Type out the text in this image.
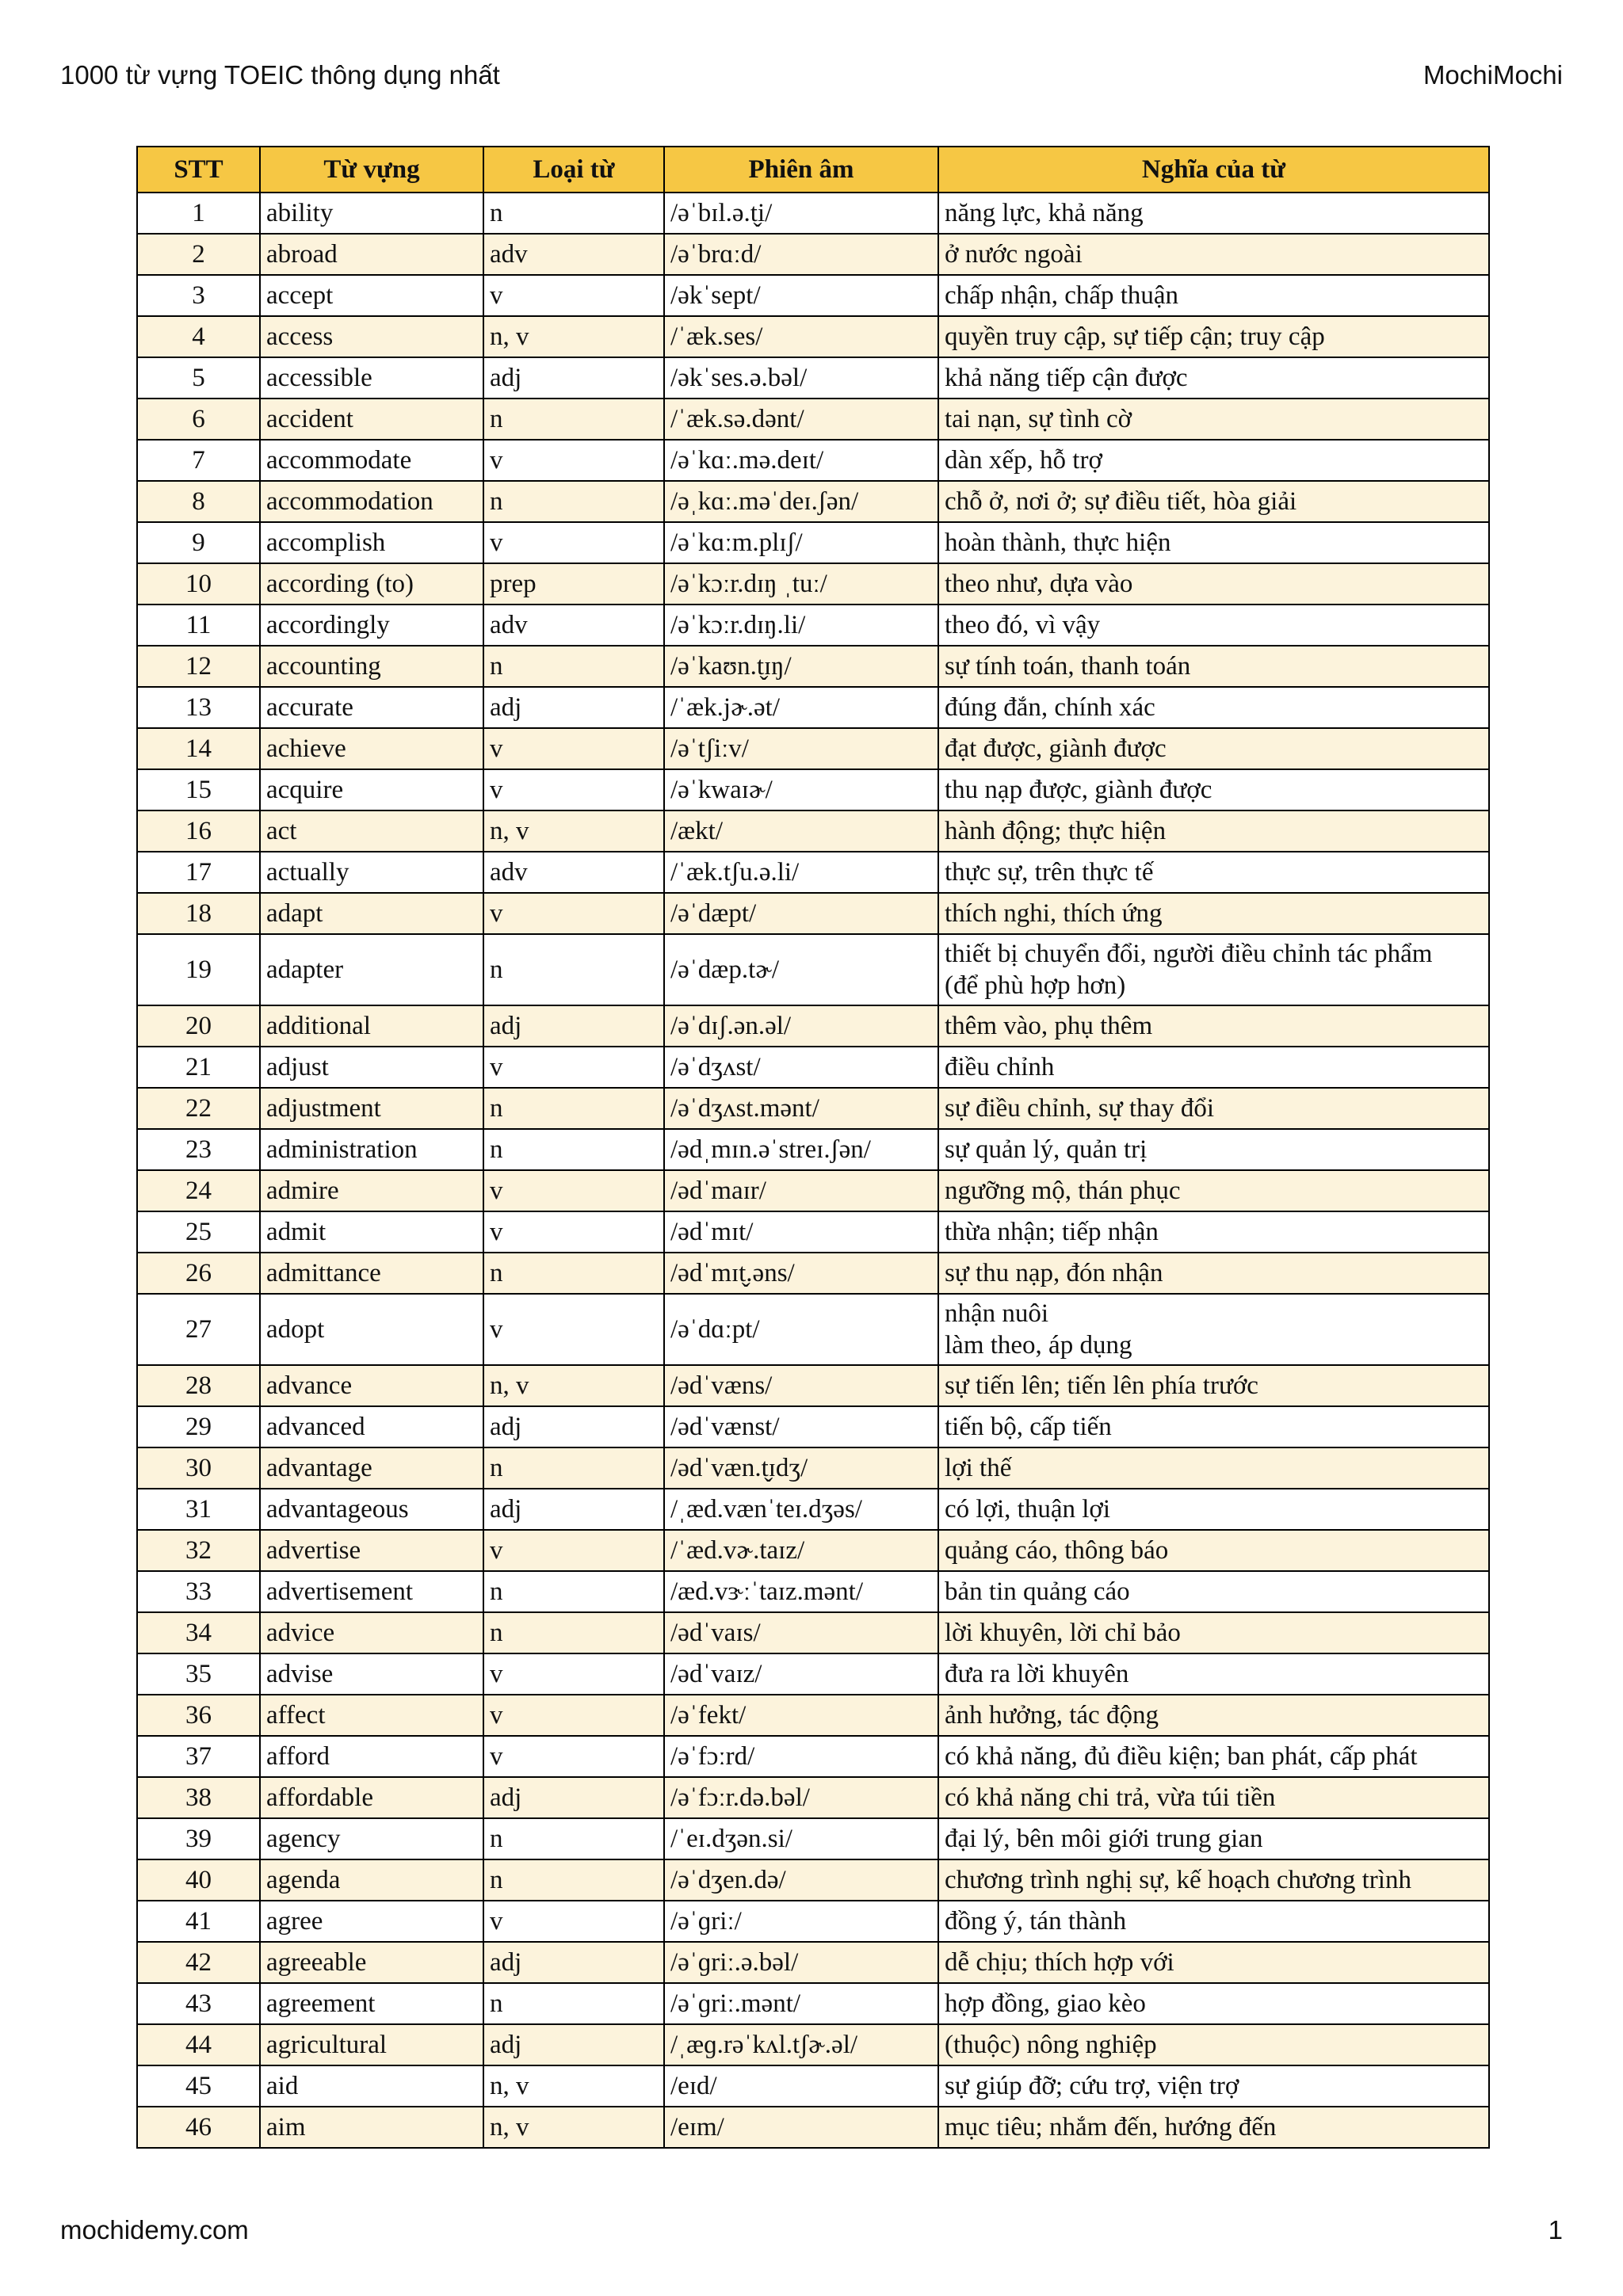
1000 từ vựng TOEIC thông dụng nhất	MochiMochi
STT	Từ vựng	Loại từ	Phiên âm	Nghĩa của từ
1	ability	n	/əˈbɪl.ə.t̬i/	năng lực, khả năng
2	abroad	adv	/əˈbrɑːd/	ở nước ngoài
3	accept	v	/əkˈsept/	chấp nhận, chấp thuận
4	access	n, v	/ˈæk.ses/	quyền truy cập, sự tiếp cận; truy cập
5	accessible	adj	/əkˈses.ə.bəl/	khả năng tiếp cận được
6	accident	n	/ˈæk.sə.dənt/	tai nạn, sự tình cờ
7	accommodate	v	/əˈkɑː.mə.deɪt/	dàn xếp, hỗ trợ
8	accommodation	n	/əˌkɑː.məˈdeɪ.ʃən/	chỗ ở, nơi ở; sự điều tiết, hòa giải
9	accomplish	v	/əˈkɑːm.plɪʃ/	hoàn thành, thực hiện
10	according (to)	prep	/əˈkɔːr.dɪŋ ˌtuː/	theo như, dựa vào
11	accordingly	adv	/əˈkɔːr.dɪŋ.li/	theo đó, vì vậy
12	accounting	n	/əˈkaʊn.t̬ɪŋ/	sự tính toán, thanh toán
13	accurate	adj	/ˈæk.jɚ.ət/	đúng đắn, chính xác
14	achieve	v	/əˈtʃiːv/	đạt được, giành được
15	acquire	v	/əˈkwaɪɚ/	thu nạp được, giành được
16	act	n, v	/ækt/	hành động; thực hiện
17	actually	adv	/ˈæk.tʃu.ə.li/	thực sự, trên thực tế
18	adapt	v	/əˈdæpt/	thích nghi, thích ứng
19	adapter	n	/əˈdæp.tɚ/	thiết bị chuyển đổi, người điều chỉnh tác phẩm
(để phù hợp hơn)
20	additional	adj	/əˈdɪʃ.ən.əl/	thêm vào, phụ thêm
21	adjust	v	/əˈdʒʌst/	điều chỉnh
22	adjustment	n	/əˈdʒʌst.mənt/	sự điều chỉnh, sự thay đổi
23	administration	n	/ədˌmɪn.əˈstreɪ.ʃən/	sự quản lý, quản trị
24	admire	v	/ədˈmaɪr/	ngưỡng mộ, thán phục
25	admit	v	/ədˈmɪt/	thừa nhận; tiếp nhận
26	admittance	n	/ədˈmɪt̬.əns/	sự thu nạp, đón nhận
27	adopt	v	/əˈdɑːpt/	nhận nuôi
làm theo, áp dụng
28	advance	n, v	/ədˈvæns/	sự tiến lên; tiến lên phía trước
29	advanced	adj	/ədˈvænst/	tiến bộ, cấp tiến
30	advantage	n	/ədˈvæn.t̬ɪdʒ/	lợi thế
31	advantageous	adj	/ˌæd.vænˈteɪ.dʒəs/	có lợi, thuận lợi
32	advertise	v	/ˈæd.vɚ.taɪz/	quảng cáo, thông báo
33	advertisement	n	/æd.vɝːˈtaɪz.mənt/	bản tin quảng cáo
34	advice	n	/ədˈvaɪs/	lời khuyên, lời chỉ bảo
35	advise	v	/ədˈvaɪz/	đưa ra lời khuyên
36	affect	v	/əˈfekt/	ảnh hưởng, tác động
37	afford	v	/əˈfɔːrd/	có khả năng, đủ điều kiện; ban phát, cấp phát
38	affordable	adj	/əˈfɔːr.də.bəl/	có khả năng chi trả, vừa túi tiền
39	agency	n	/ˈeɪ.dʒən.si/	đại lý, bên môi giới trung gian
40	agenda	n	/əˈdʒen.də/	chương trình nghị sự, kế hoạch chương trình
41	agree	v	/əˈɡriː/	đồng ý, tán thành
42	agreeable	adj	/əˈɡriː.ə.bəl/	dễ chịu; thích hợp với
43	agreement	n	/əˈɡriː.mənt/	hợp đồng, giao kèo
44	agricultural	adj	/ˌæɡ.rəˈkʌl.tʃɚ.əl/	(thuộc) nông nghiệp
45	aid	n, v	/eɪd/	sự giúp đỡ; cứu trợ, viện trợ
46	aim	n, v	/eɪm/	mục tiêu; nhắm đến, hướng đến
mochidemy.com	1
